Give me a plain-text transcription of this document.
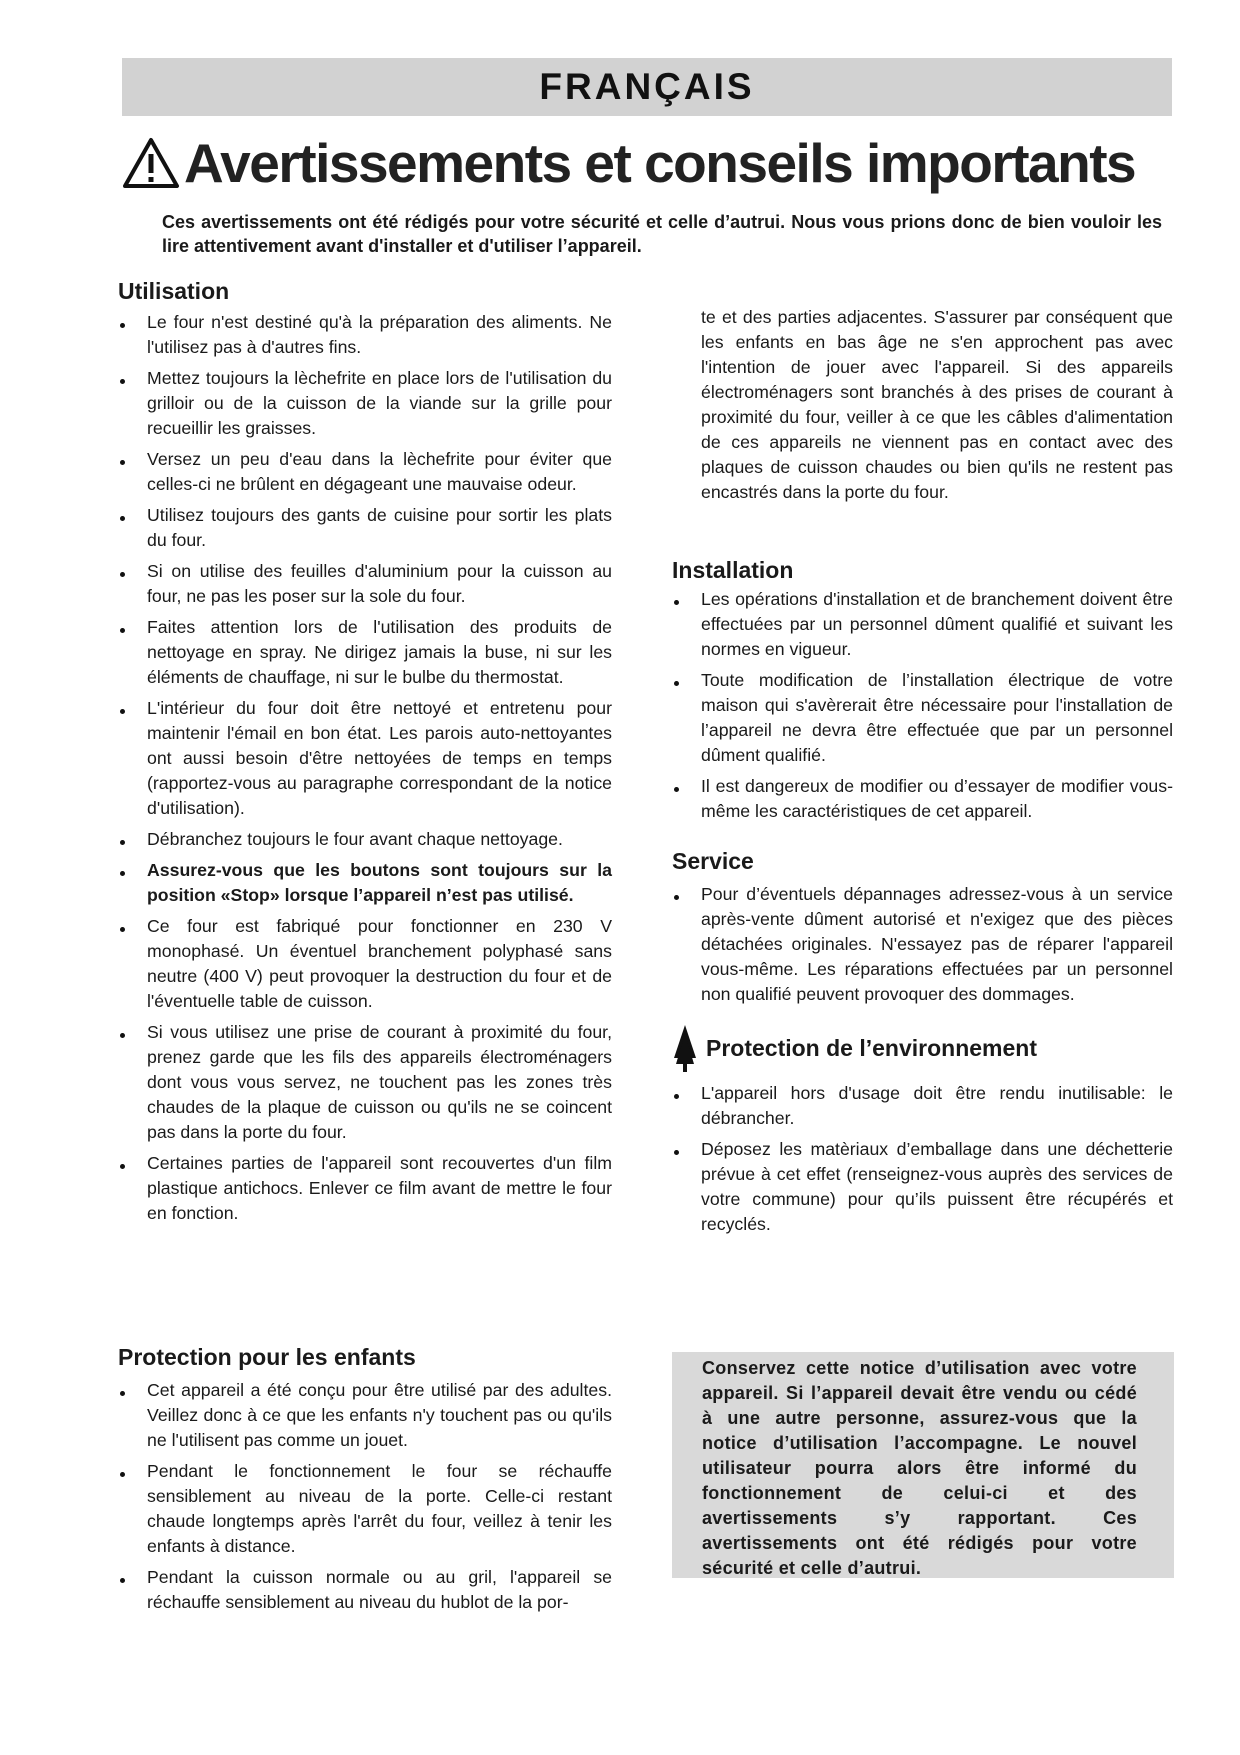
FRANÇAIS
Avertissements et conseils importants

Ces avertissements ont été rédigés pour votre sécurité et celle d’autrui. Nous vous prions donc de bien vouloir les lire attentivement avant d'installer et d'utiliser l’appareil.

Utilisation
Le four n'est destiné qu'à la préparation des aliments. Ne l'utilisez pas à d'autres fins.
Mettez toujours la lèchefrite en place lors de l'utilisation du grilloir ou de la cuisson de la viande sur la grille pour recueillir les graisses.
Versez un peu d'eau dans la lèchefrite pour éviter que celles-ci ne brûlent en dégageant une mauvaise odeur.
Utilisez toujours des gants de cuisine pour sortir les plats du four.
Si on utilise des feuilles d'aluminium pour la cuisson au four, ne pas les poser sur la sole du four.
Faites attention lors de l'utilisation des produits de nettoyage en spray. Ne dirigez jamais la buse, ni sur les éléments de chauffage, ni sur le bulbe du thermostat.
L'intérieur du four doit être nettoyé et entretenu pour maintenir l'émail en bon état. Les parois auto-nettoyantes ont aussi besoin d'être nettoyées de temps en temps (rapportez-vous au paragraphe correspondant de la notice d'utilisation).
Débranchez toujours le four avant chaque nettoyage.
Assurez-vous que les boutons sont toujours sur la position «Stop» lorsque l’appareil n’est pas utilisé.
Ce four est fabriqué pour fonctionner en 230 V monophasé. Un éventuel branchement polyphasé sans neutre (400 V) peut provoquer la destruction du four et de l'éventuelle table de cuisson.
Si vous utilisez une prise de courant à proximité du four, prenez garde que les fils des appareils électroménagers dont vous vous servez, ne touchent pas les zones très chaudes de la plaque de cuisson ou qu'ils ne se coincent pas dans la porte du four.
Certaines parties de l'appareil sont recouvertes d'un film plastique antichocs. Enlever ce film avant de mettre le four en fonction.
Protection pour les enfants
Cet appareil a été conçu pour être utilisé par des adultes. Veillez donc à ce que les enfants n'y touchent pas ou qu'ils ne l'utilisent pas comme un jouet.
Pendant le fonctionnement le four se réchauffe sensiblement au niveau de la porte. Celle-ci restant chaude longtemps après l'arrêt du four, veillez à tenir les enfants à distance.
Pendant la cuisson normale ou au gril, l'appareil se réchauffe sensiblement au niveau du hublot de la por-

te et des parties adjacentes. S'assurer par conséquent que les enfants en bas âge ne s'en approchent pas avec l'intention de jouer avec l'appareil. Si des appareils électroménagers sont branchés à des prises de courant à proximité du four, veiller à ce que les câbles d'alimentation de ces appareils ne viennent pas en contact avec des plaques de cuisson chaudes ou bien qu'ils ne restent pas encastrés dans la porte du four.

Installation
Les opérations d'installation et de branchement doivent être effectuées par un personnel dûment qualifié et suivant les normes en vigueur.
Toute modification de l’installation électrique de votre maison qui s'avèrerait être nécessaire pour l'installation de l’appareil ne devra être effectuée que par un personnel dûment qualifié.
Il est dangereux de modifier ou d’essayer de modifier vous-même les caractéristiques de cet appareil.
Service
Pour d’éventuels dépannages adressez-vous à un service après-vente dûment autorisé et n'exigez que des pièces détachées originales. N'essayez pas de réparer l'appareil vous-même. Les réparations effectuées par un personnel non qualifié peuvent provoquer des dommages.
Protection de l’environnement
L'appareil hors d'usage doit être rendu inutilisable: le débrancher.
Déposez les matèriaux d’emballage dans une déchetterie prévue à cet effet (renseignez-vous auprès des services de votre commune) pour qu’ils puissent être récupérés et recyclés.

Conservez cette notice d’utilisation avec votre appareil. Si l’appareil devait être vendu ou cédé à une autre personne, assurez-vous que la notice d’utilisation l’accompagne. Le nouvel utilisateur pourra alors être informé du fonctionnement de celui-ci et des avertissements s’y rapportant. Ces avertissements ont été rédigés pour votre sécurité et celle d’autrui.
